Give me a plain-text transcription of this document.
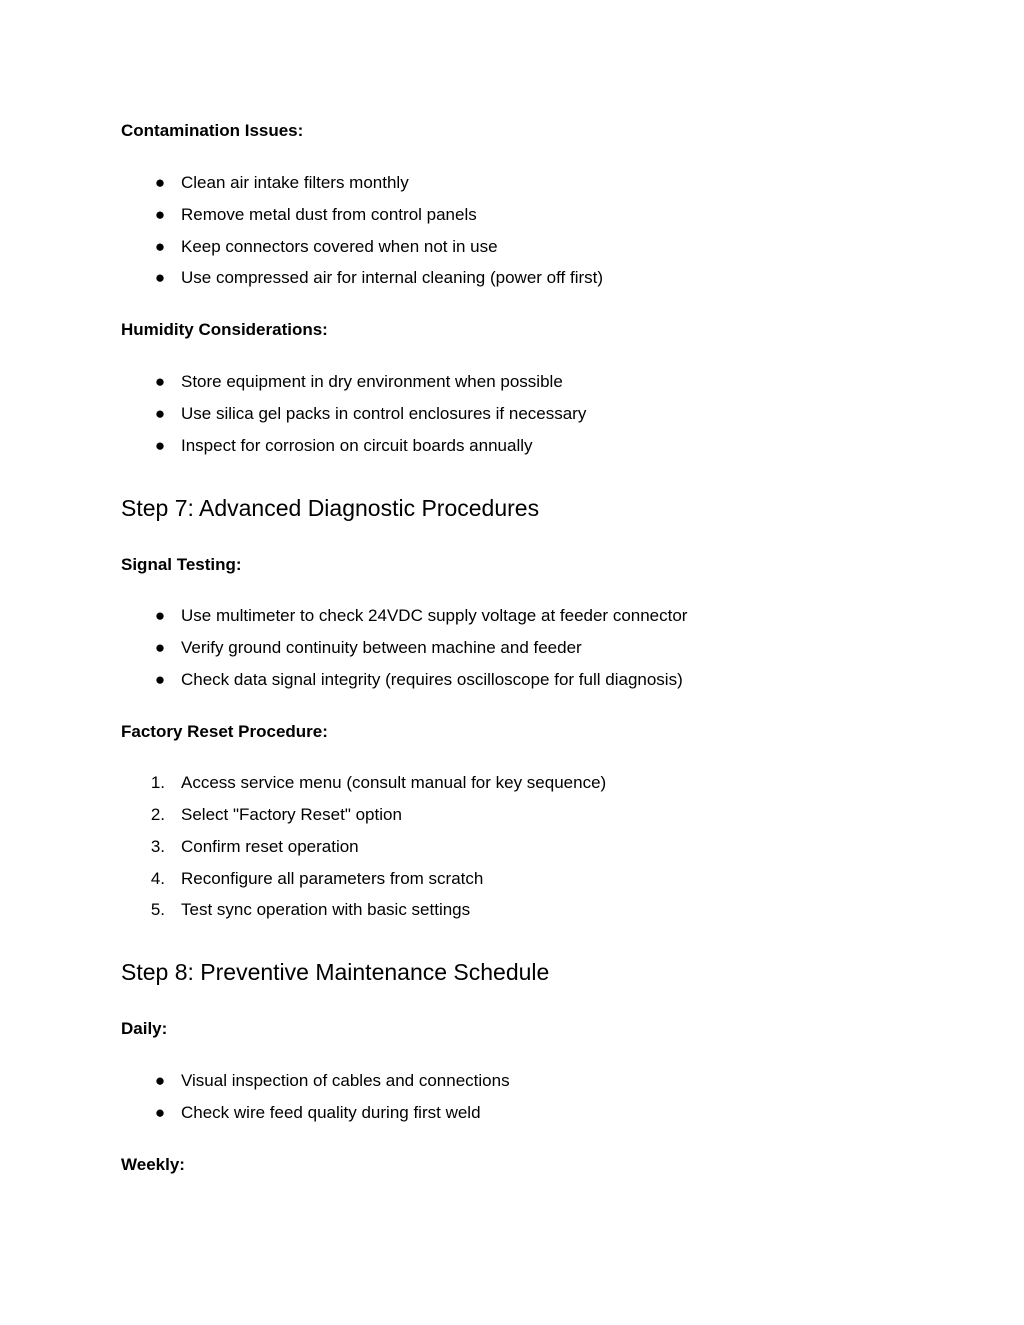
Contamination Issues:
● Clean air intake filters monthly
● Remove metal dust from control panels
● Keep connectors covered when not in use
● Use compressed air for internal cleaning (power off first)
Humidity Considerations:
● Store equipment in dry environment when possible
● Use silica gel packs in control enclosures if necessary
● Inspect for corrosion on circuit boards annually
Step 7: Advanced Diagnostic Procedures
Signal Testing:
● Use multimeter to check 24VDC supply voltage at feeder connector
● Verify ground continuity between machine and feeder
● Check data signal integrity (requires oscilloscope for full diagnosis)
Factory Reset Procedure:
1. Access service menu (consult manual for key sequence)
2. Select "Factory Reset" option
3. Confirm reset operation
4. Reconfigure all parameters from scratch
5. Test sync operation with basic settings
Step 8: Preventive Maintenance Schedule
Daily:
● Visual inspection of cables and connections
● Check wire feed quality during first weld
Weekly:
